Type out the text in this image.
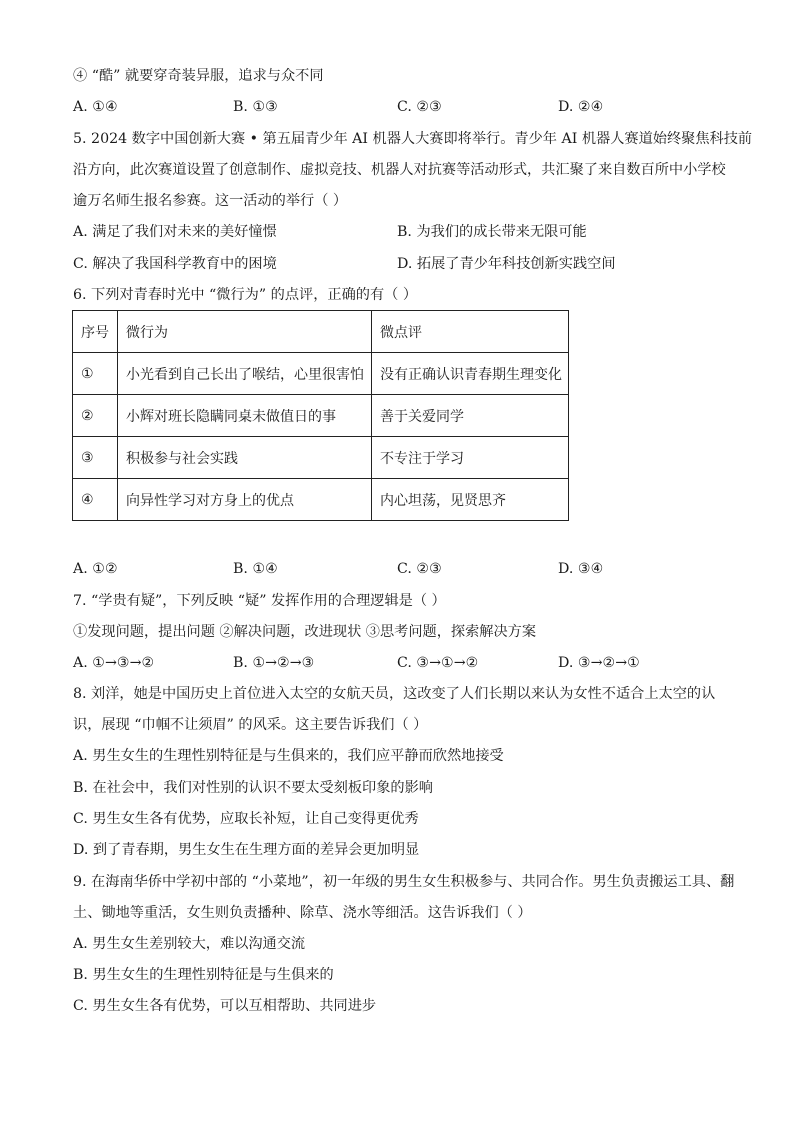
④ “酷” 就要穿奇装异服，追求与众不同
A. ①④	B. ①③	C. ②③	D. ②④
5. 2024 数字中国创新大赛 • 第五届青少年 AI 机器人大赛即将举行。青少年 AI 机器人赛道始终聚焦科技前
沿方向，此次赛道设置了创意制作、虚拟竞技、机器人对抗赛等活动形式，共汇聚了来自数百所中小学校
逾万名师生报名参赛。这一活动的举行（ ）
A. 满足了我们对未来的美好憧憬	B. 为我们的成长带来无限可能
C. 解决了我国科学教育中的困境	D. 拓展了青少年科技创新实践空间
6. 下列对青春时光中 “微行为” 的点评，正确的有（ ）
序号	微行为	微点评
①	小光看到自己长出了喉结，心里很害怕	没有正确认识青春期生理变化
②	小辉对班长隐瞒同桌未做值日的事	善于关爱同学
③	积极参与社会实践	不专注于学习
④	向异性学习对方身上的优点	内心坦荡，见贤思齐
A. ①②	B. ①④	C. ②③	D. ③④
7. “学贵有疑”，下列反映 “疑” 发挥作用的合理逻辑是（ ）
①发现问题，提出问题 ②解决问题，改进现状 ③思考问题，探索解决方案
A. ①→③→②	B. ①→②→③	C. ③→①→②	D. ③→②→①
8. 刘洋，她是中国历史上首位进入太空的女航天员，这改变了人们长期以来认为女性不适合上太空的认
识，展现 “巾帼不让须眉” 的风采。这主要告诉我们（ ）
A. 男生女生的生理性别特征是与生俱来的，我们应平静而欣然地接受
B. 在社会中，我们对性别的认识不要太受刻板印象的影响
C. 男生女生各有优势，应取长补短，让自己变得更优秀
D. 到了青春期，男生女生在生理方面的差异会更加明显
9. 在海南华侨中学初中部的 “小菜地”，初一年级的男生女生积极参与、共同合作。男生负责搬运工具、翻
土、锄地等重活，女生则负责播种、除草、浇水等细活。这告诉我们（ ）
A. 男生女生差别较大，难以沟通交流
B. 男生女生的生理性别特征是与生俱来的
C. 男生女生各有优势，可以互相帮助、共同进步
